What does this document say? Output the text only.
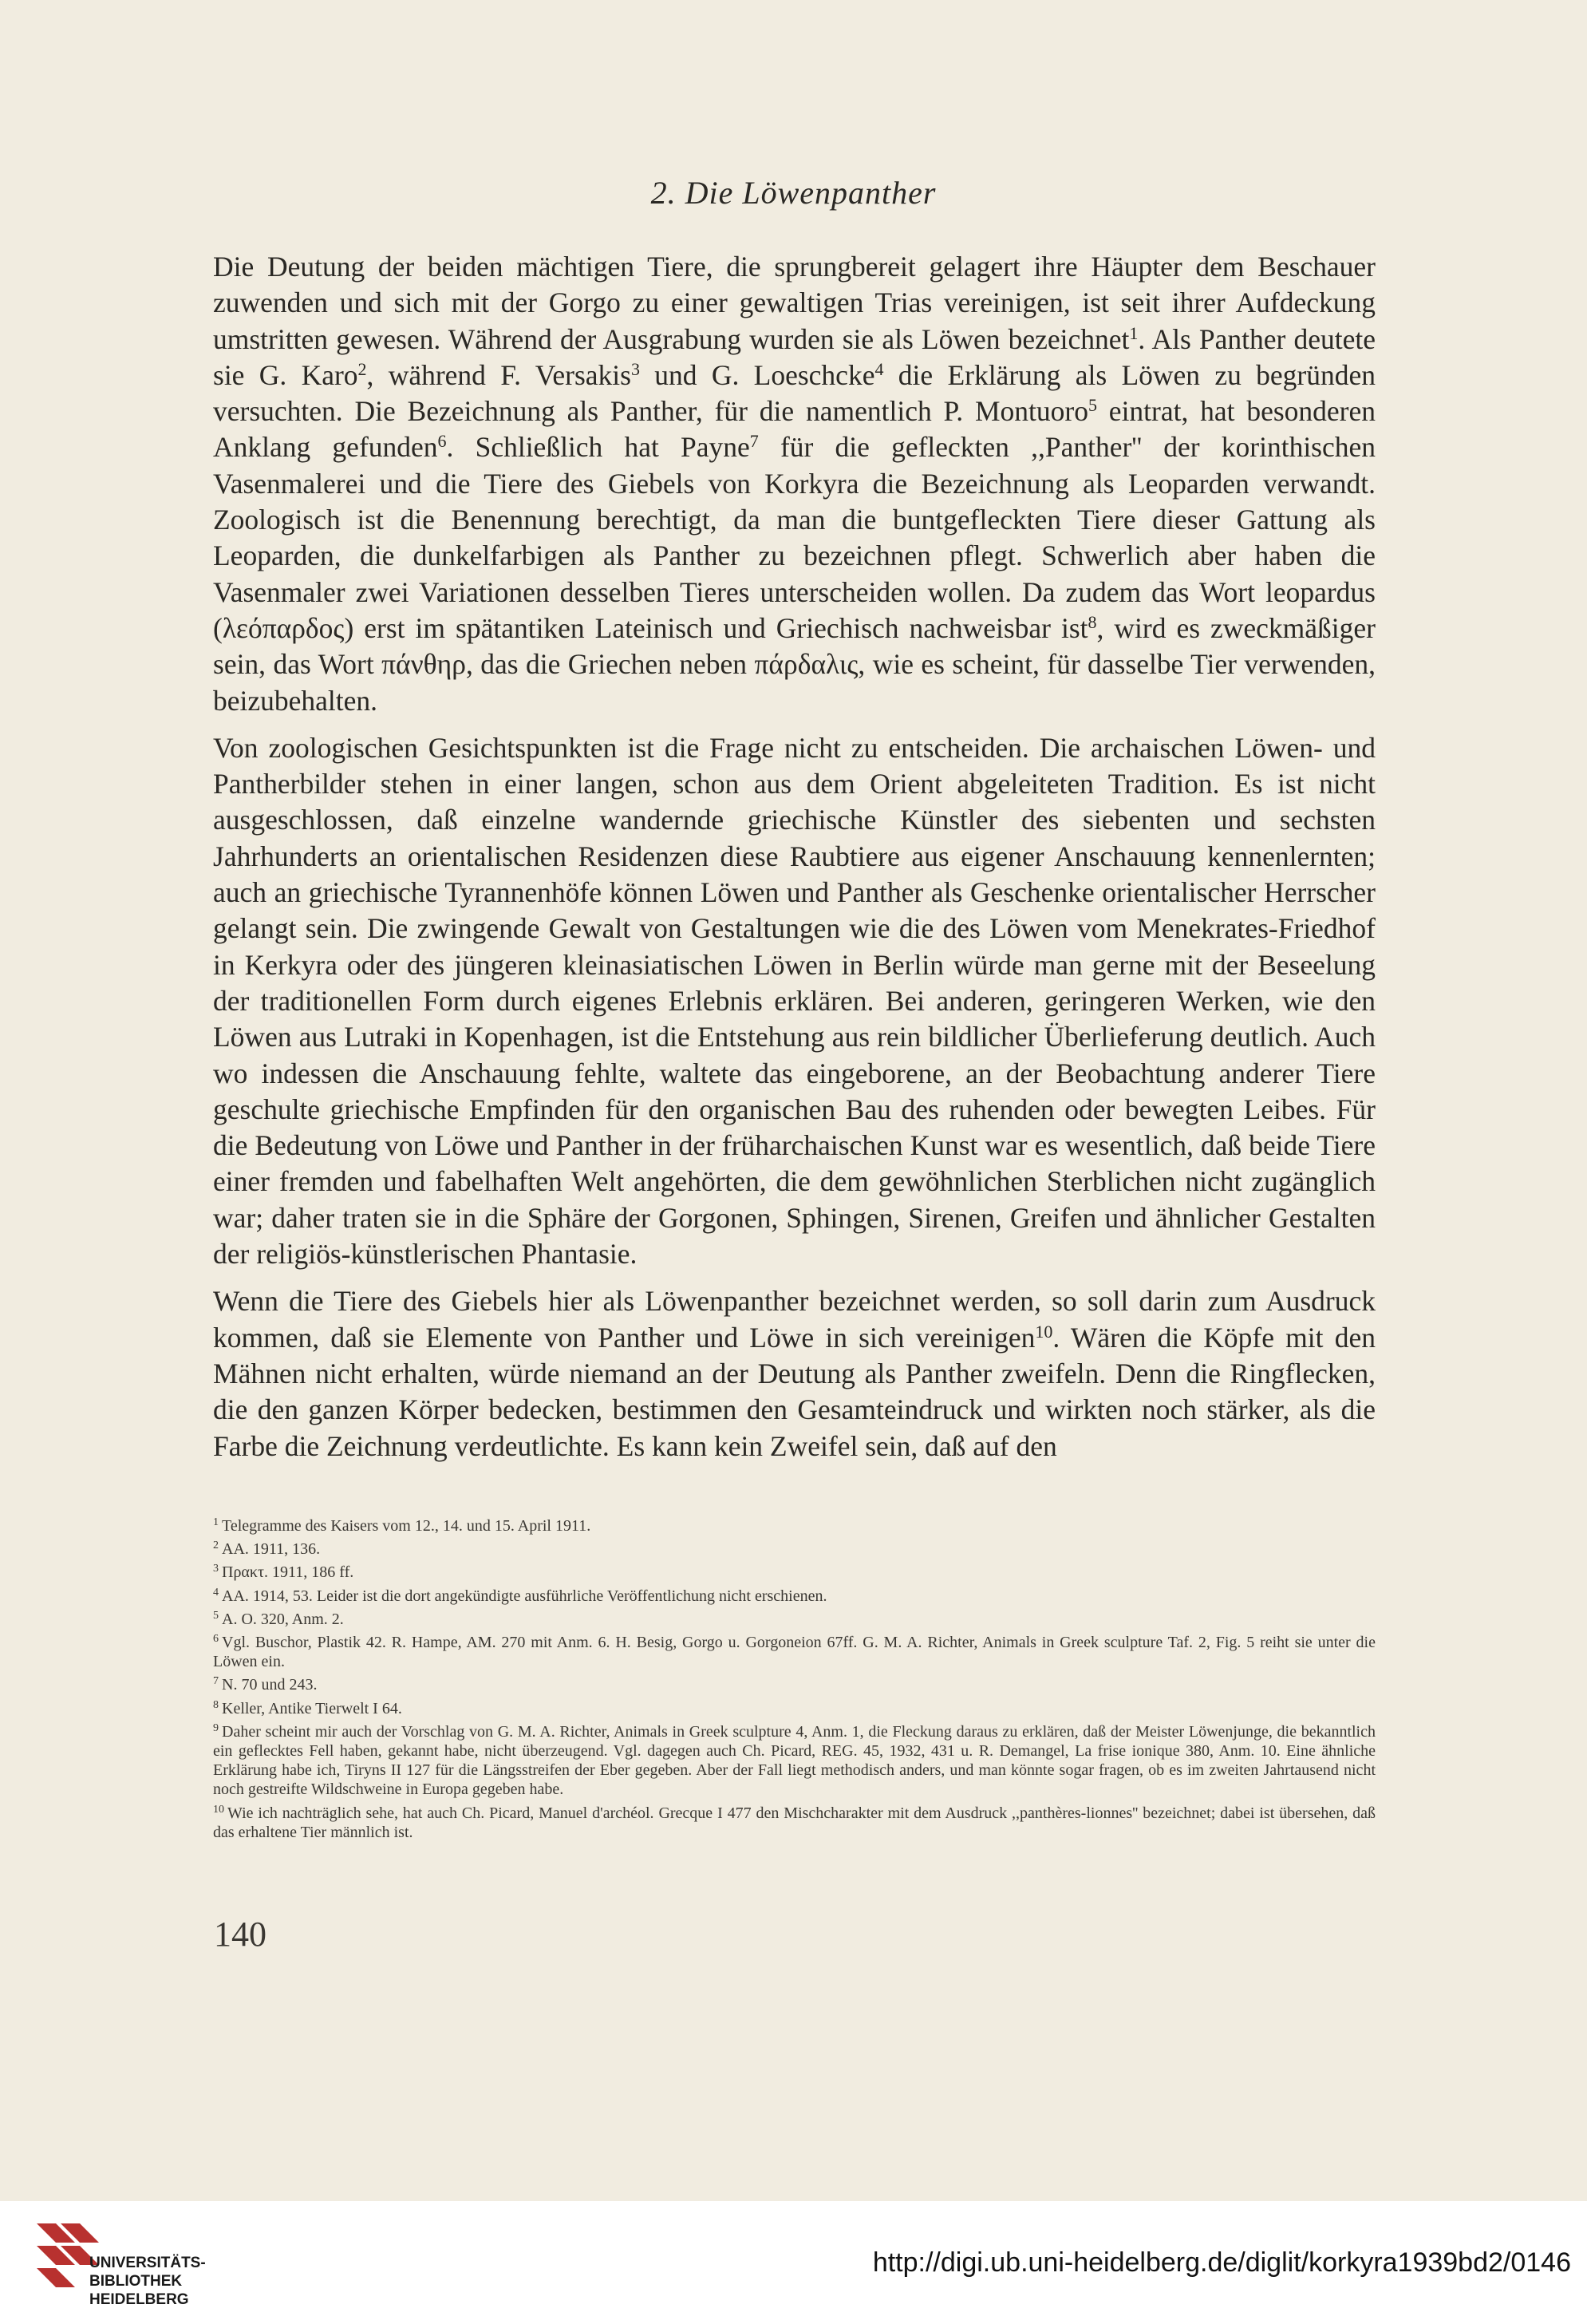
2. Die Löwenpanther

Die Deutung der beiden mächtigen Tiere, die sprungbereit gelagert ihre Häupter dem Beschauer zuwenden und sich mit der Gorgo zu einer gewaltigen Trias vereinigen, ist seit ihrer Aufdeckung umstritten gewesen. Während der Ausgrabung wurden sie als Löwen bezeichnet$^1$. Als Panther deutete sie G. Karo$^2$, während F. Versakis$^3$ und G. Loeschcke$^4$ die Erklärung als Löwen zu begründen versuchten. Die Bezeichnung als Panther, für die namentlich P. Montuoro$^5$ eintrat, hat besonderen Anklang gefunden$^6$. Schließlich hat Payne$^7$ für die gefleckten ,,Panther'' der korinthischen Vasenmalerei und die Tiere des Giebels von Korkyra die Bezeichnung als Leoparden verwandt. Zoologisch ist die Benennung berechtigt, da man die buntgefleckten Tiere dieser Gattung als Leoparden, die dunkelfarbigen als Panther zu bezeichnen pflegt. Schwerlich aber haben die Vasenmaler zwei Variationen desselben Tieres unterscheiden wollen. Da zudem das Wort leopardus (λεόπαρδος) erst im spätantiken Lateinisch und Griechisch nachweisbar ist$^8$, wird es zweckmäßiger sein, das Wort πάνθηρ, das die Griechen neben πάρδαλις, wie es scheint, für dasselbe Tier verwenden, beizubehalten.

Von zoologischen Gesichtspunkten ist die Frage nicht zu entscheiden. Die archaischen Löwen- und Pantherbilder stehen in einer langen, schon aus dem Orient abgeleiteten Tradition. Es ist nicht ausgeschlossen, daß einzelne wandernde griechische Künstler des siebenten und sechsten Jahrhunderts an orientalischen Residenzen diese Raubtiere aus eigener Anschauung kennenlernten; auch an griechische Tyrannenhöfe können Löwen und Panther als Geschenke orientalischer Herrscher gelangt sein. Die zwingende Gewalt von Gestaltungen wie die des Löwen vom Menekrates-Friedhof in Kerkyra oder des jüngeren kleinasiatischen Löwen in Berlin würde man gerne mit der Beseelung der traditionellen Form durch eigenes Erlebnis erklären. Bei anderen, geringeren Werken, wie den Löwen aus Lutraki in Kopenhagen, ist die Entstehung aus rein bildlicher Überlieferung deutlich. Auch wo indessen die Anschauung fehlte, waltete das eingeborene, an der Beobachtung anderer Tiere geschulte griechische Empfinden für den organischen Bau des ruhenden oder bewegten Leibes. Für die Bedeutung von Löwe und Panther in der früharchaischen Kunst war es wesentlich, daß beide Tiere einer fremden und fabelhaften Welt angehörten, die dem gewöhnlichen Sterblichen nicht zugänglich war; daher traten sie in die Sphäre der Gorgonen, Sphingen, Sirenen, Greifen und ähnlicher Gestalten der religiös-künstlerischen Phantasie.

Wenn die Tiere des Giebels hier als Löwenpanther bezeichnet werden, so soll darin zum Ausdruck kommen, daß sie Elemente von Panther und Löwe in sich vereinigen$^{10}$. Wären die Köpfe mit den Mähnen nicht erhalten, würde niemand an der Deutung als Panther zweifeln. Denn die Ringflecken, die den ganzen Körper bedecken, bestimmen den Gesamteindruck und wirkten noch stärker, als die Farbe die Zeichnung verdeutlichte. Es kann kein Zweifel sein, daß auf den

$^1$ Telegramme des Kaisers vom 12., 14. und 15. April 1911.
$^2$ AA. 1911, 136.
$^3$ Πρακτ. 1911, 186 ff.
$^4$ AA. 1914, 53. Leider ist die dort angekündigte ausführliche Veröffentlichung nicht erschienen.
$^5$ A. O. 320, Anm. 2.
$^6$ Vgl. Buschor, Plastik 42. R. Hampe, AM. 270 mit Anm. 6. H. Besig, Gorgo u. Gorgoneion 67ff. G. M. A. Richter, Animals in Greek sculpture Taf. 2, Fig. 5 reiht sie unter die Löwen ein.
$^7$ N. 70 und 243.
$^8$ Keller, Antike Tierwelt I 64.
$^9$ Daher scheint mir auch der Vorschlag von G. M. A. Richter, Animals in Greek sculpture 4, Anm. 1, die Fleckung daraus zu erklären, daß der Meister Löwenjunge, die bekanntlich ein geflecktes Fell haben, gekannt habe, nicht überzeugend. Vgl. dagegen auch Ch. Picard, REG. 45, 1932, 431 u. R. Demangel, La frise ionique 380, Anm. 10. Eine ähnliche Erklärung habe ich, Tiryns II 127 für die Längsstreifen der Eber gegeben. Aber der Fall liegt methodisch anders, und man könnte sogar fragen, ob es im zweiten Jahrtausend nicht noch gestreifte Wildschweine in Europa gegeben habe.
$^{10}$ Wie ich nachträglich sehe, hat auch Ch. Picard, Manuel d'archéol. Grecque I 477 den Mischcharakter mit dem Ausdruck ,,panthères-lionnes'' bezeichnet; dabei ist übersehen, daß das erhaltene Tier männlich ist.
140
UNIVERSITÄTS-
BIBLIOTHEK
HEIDELBERG
http://digi.ub.uni-heidelberg.de/diglit/korkyra1939bd2/0146
